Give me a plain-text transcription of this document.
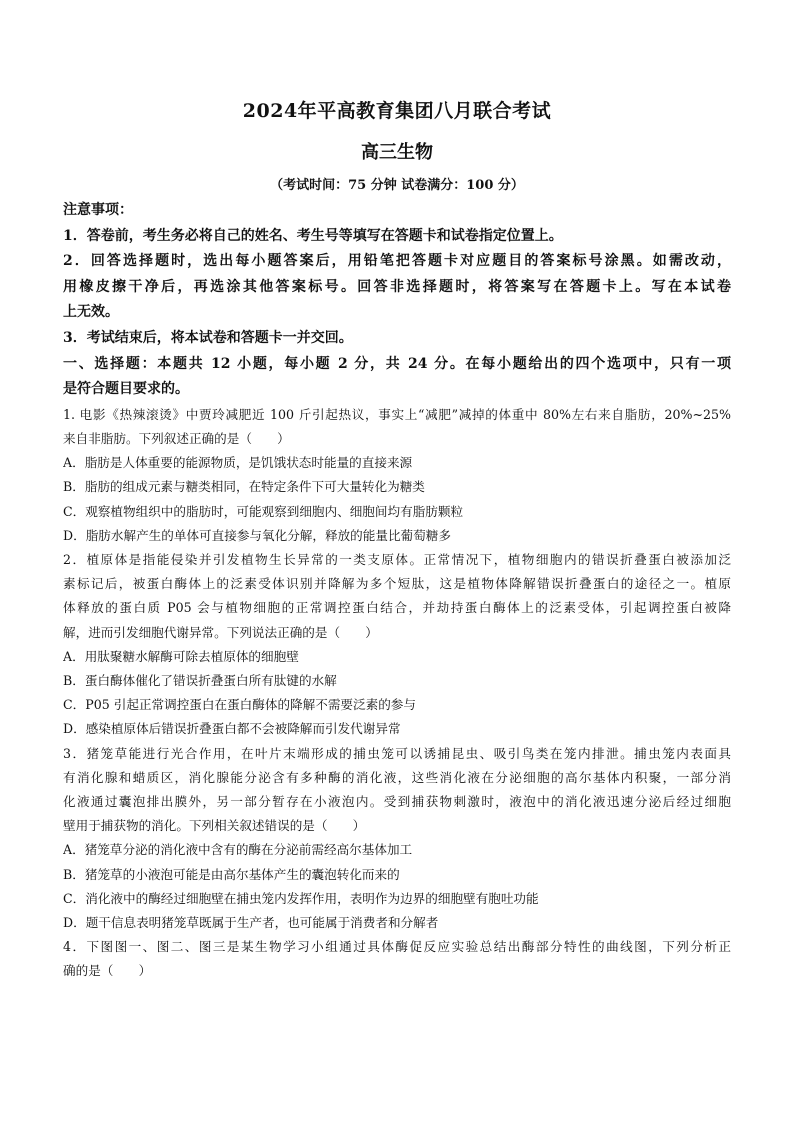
2024年平高教育集团八月联合考试
高三生物
（考试时间：75 分钟 试卷满分：100 分）
注意事项：
1．答卷前，考生务必将自己的姓名、考生号等填写在答题卡和试卷指定位置上。
2．回答选择题时，选出每小题答案后，用铅笔把答题卡对应题目的答案标号涂黑。如需改动，
用橡皮擦干净后，再选涂其他答案标号。回答非选择题时，将答案写在答题卡上。写在本试卷
上无效。
3．考试结束后，将本试卷和答题卡一并交回。
一、选择题：本题共 12 小题，每小题 2 分，共 24 分。在每小题给出的四个选项中，只有一项
是符合题目要求的。
1. 电影《热辣滚烫》中贾玲减肥近 100 斤引起热议，事实上“减肥”减掉的体重中 80%左右来自脂肪，20%~25%
来自非脂肪。下列叙述正确的是（　　）
A．脂肪是人体重要的能源物质，是饥饿状态时能量的直接来源
B．脂肪的组成元素与糖类相同，在特定条件下可大量转化为糖类
C．观察植物组织中的脂肪时，可能观察到细胞内、细胞间均有脂肪颗粒
D．脂肪水解产生的单体可直接参与氧化分解，释放的能量比葡萄糖多
2．植原体是指能侵染并引发植物生长异常的一类支原体。正常情况下，植物细胞内的错误折叠蛋白被添加泛
素标记后，被蛋白酶体上的泛素受体识别并降解为多个短肽，这是植物体降解错误折叠蛋白的途径之一。植原
体释放的蛋白质 P05 会与植物细胞的正常调控蛋白结合，并劫持蛋白酶体上的泛素受体，引起调控蛋白被降
解，进而引发细胞代谢异常。下列说法正确的是（　　）
A．用肽聚糖水解酶可除去植原体的细胞壁
B．蛋白酶体催化了错误折叠蛋白所有肽键的水解
C．P05 引起正常调控蛋白在蛋白酶体的降解不需要泛素的参与
D．感染植原体后错误折叠蛋白都不会被降解而引发代谢异常
3．猪笼草能进行光合作用，在叶片末端形成的捕虫笼可以诱捕昆虫、吸引鸟类在笼内排泄。捕虫笼内表面具
有消化腺和蜡质区，消化腺能分泌含有多种酶的消化液，这些消化液在分泌细胞的高尔基体内积聚，一部分消
化液通过囊泡排出膜外，另一部分暂存在小液泡内。受到捕获物刺激时，液泡中的消化液迅速分泌后经过细胞
壁用于捕获物的消化。下列相关叙述错误的是（　　）
A．猪笼草分泌的消化液中含有的酶在分泌前需经高尔基体加工
B．猪笼草的小液泡可能是由高尔基体产生的囊泡转化而来的
C．消化液中的酶经过细胞壁在捕虫笼内发挥作用，表明作为边界的细胞壁有胞吐功能
D．题干信息表明猪笼草既属于生产者，也可能属于消费者和分解者
4．下图图一、图二、图三是某生物学习小组通过具体酶促反应实验总结出酶部分特性的曲线图，下列分析正
确的是（　　）
